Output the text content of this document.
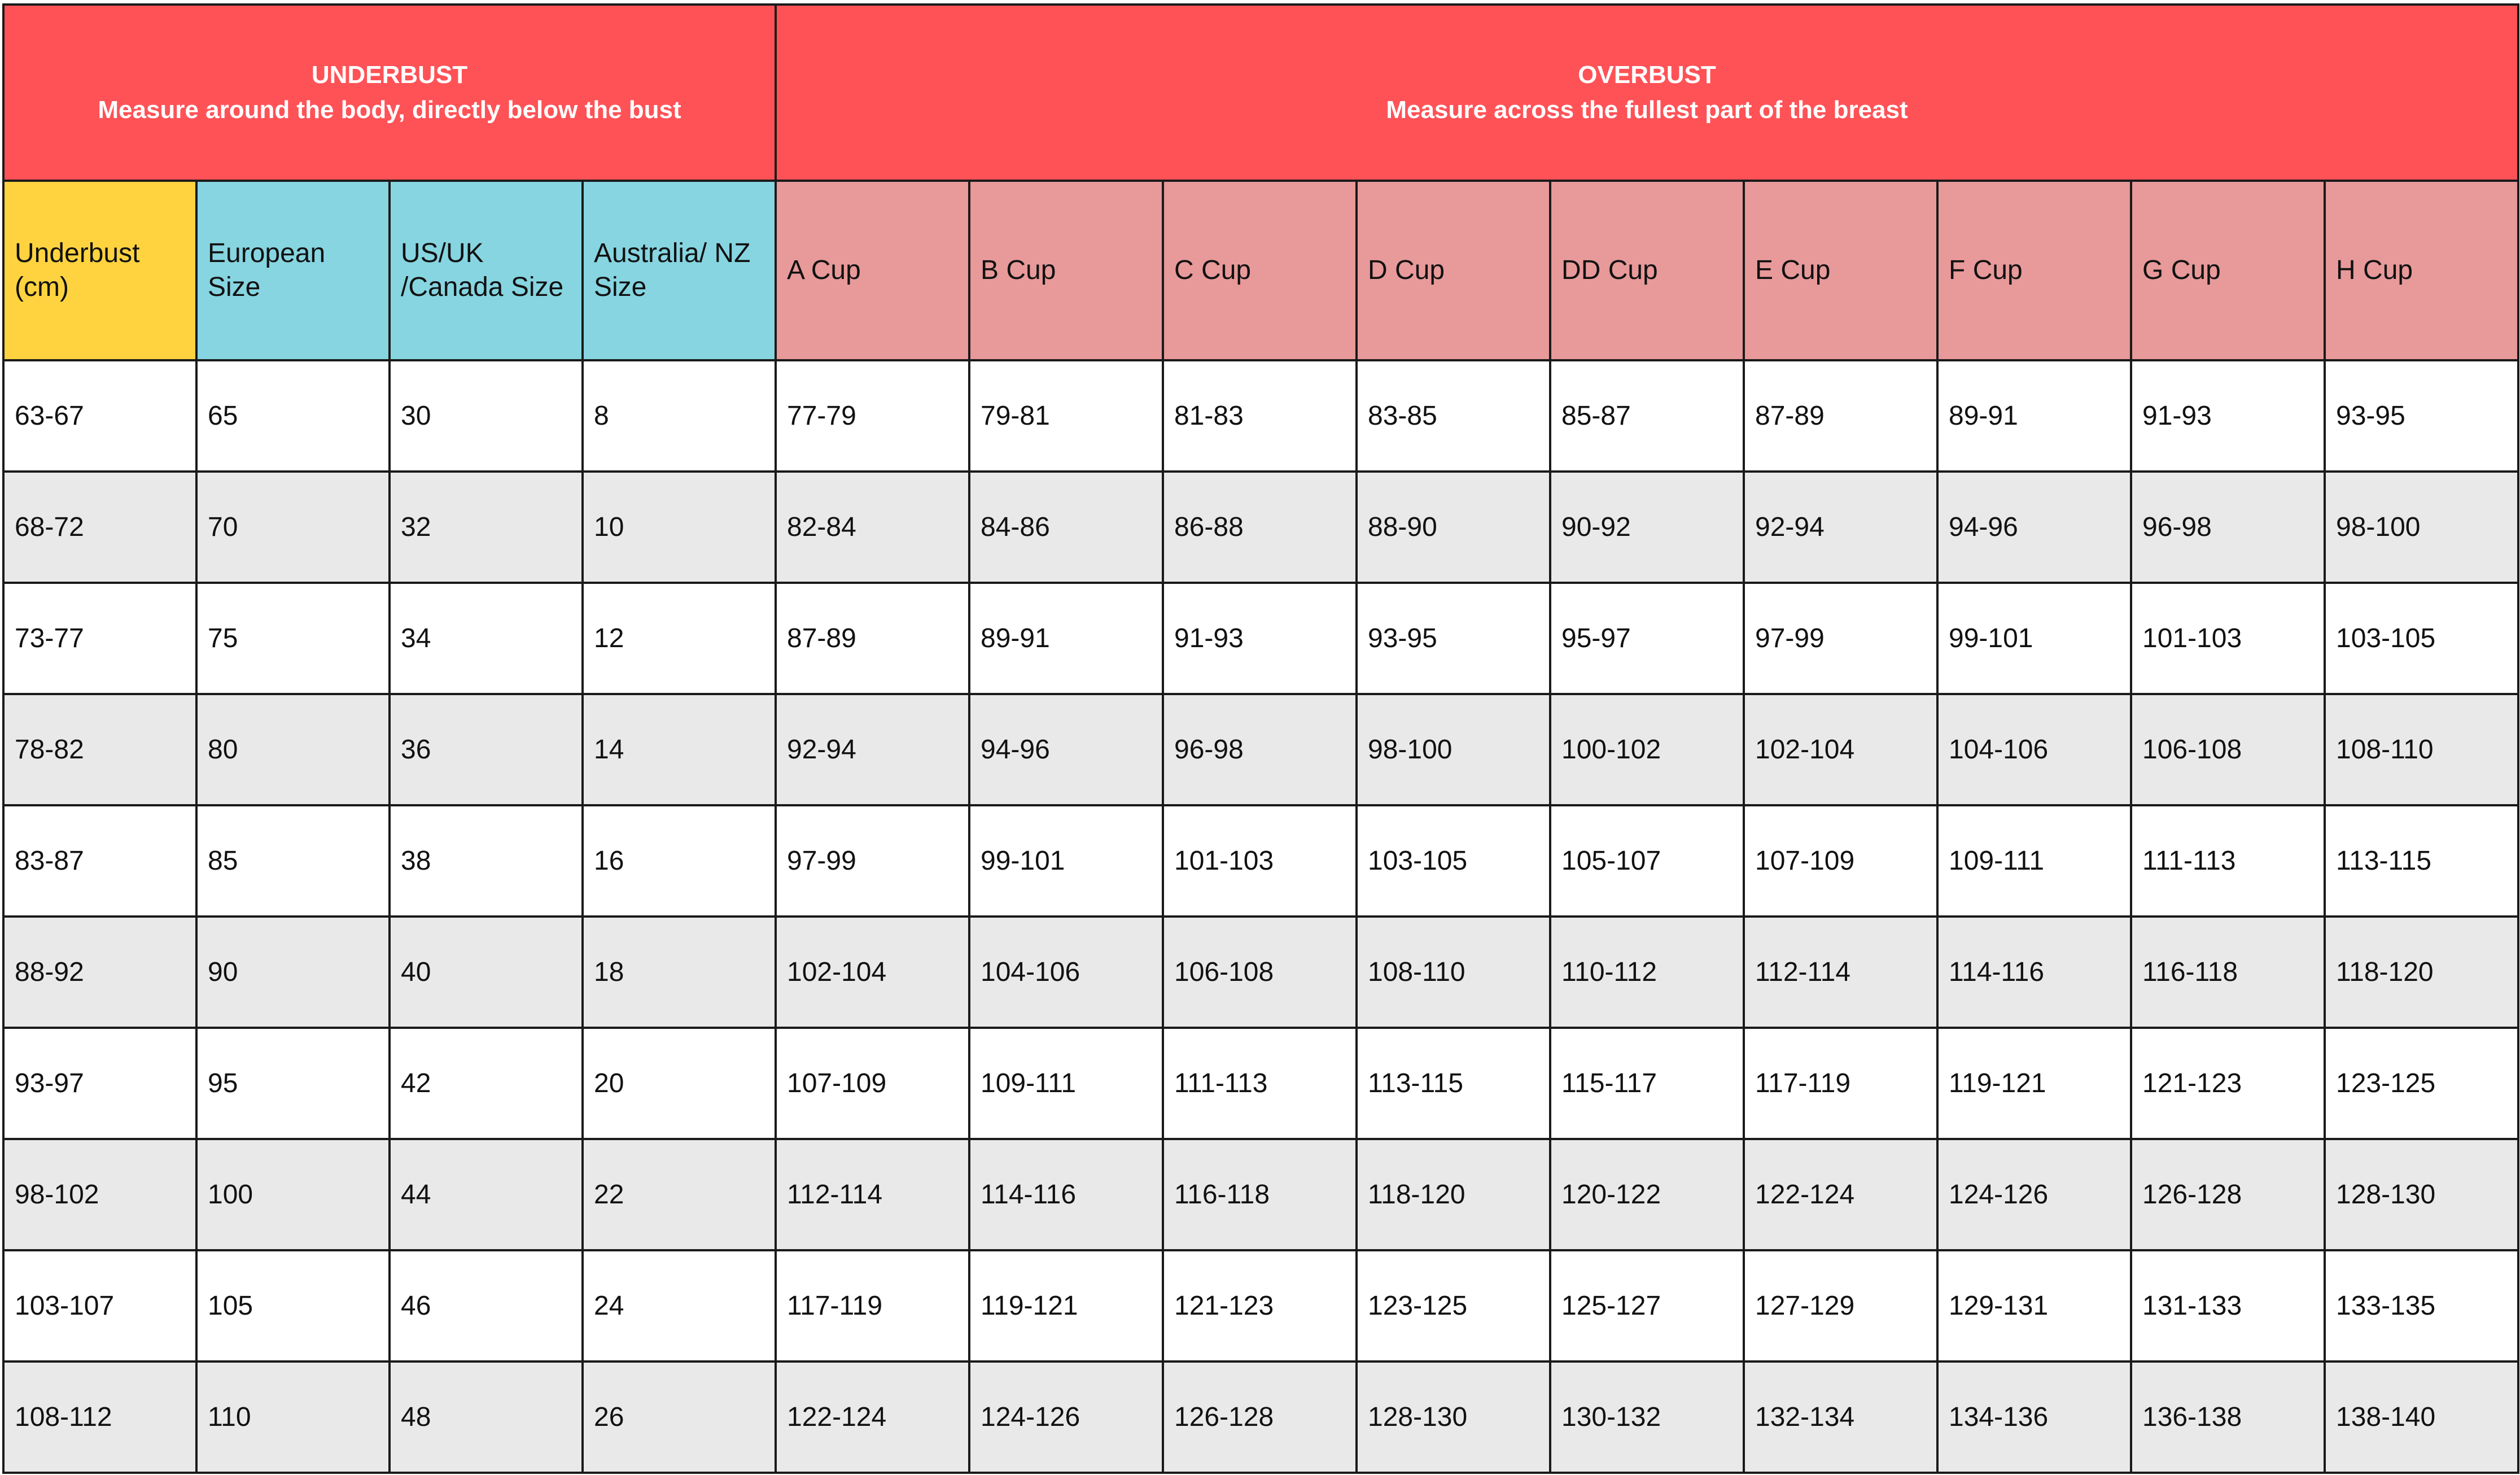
UNDERBUST
Measure around the body, directly below the bust				OVERBUST
Measure across the fullest part of the breast								

Underbust (cm)	European Size	US/UK /Canada Size	Australia/ NZ Size	A Cup	B Cup	C Cup	D Cup	DD Cup	E Cup	F Cup	G Cup	H Cup
63-67	65	30	8	77-79	79-81	81-83	83-85	85-87	87-89	89-91	91-93	93-95
68-72	70	32	10	82-84	84-86	86-88	88-90	90-92	92-94	94-96	96-98	98-100
73-77	75	34	12	87-89	89-91	91-93	93-95	95-97	97-99	99-101	101-103	103-105
78-82	80	36	14	92-94	94-96	96-98	98-100	100-102	102-104	104-106	106-108	108-110
83-87	85	38	16	97-99	99-101	101-103	103-105	105-107	107-109	109-111	111-113	113-115
88-92	90	40	18	102-104	104-106	106-108	108-110	110-112	112-114	114-116	116-118	118-120
93-97	95	42	20	107-109	109-111	111-113	113-115	115-117	117-119	119-121	121-123	123-125
98-102	100	44	22	112-114	114-116	116-118	118-120	120-122	122-124	124-126	126-128	128-130
103-107	105	46	24	117-119	119-121	121-123	123-125	125-127	127-129	129-131	131-133	133-135
108-112	110	48	26	122-124	124-126	126-128	128-130	130-132	132-134	134-136	136-138	138-140
